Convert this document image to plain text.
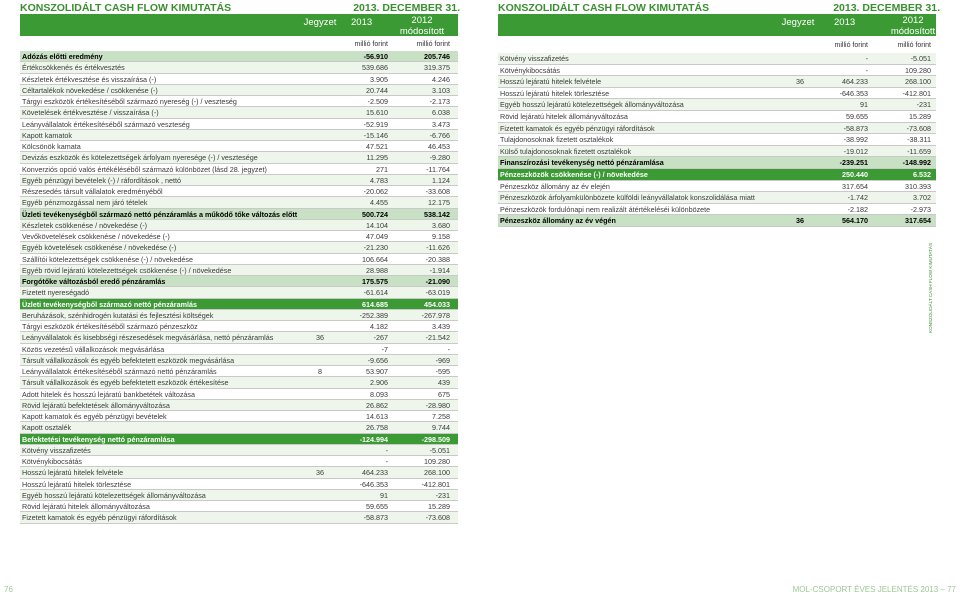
KONSZOLIDÁLT CASH FLOW KIMUTATÁS	2013. DECEMBER 31.
Jegyzet	2013	2012
módosított
millió forint	millió forint
Adózás előtti eredmény	-56.910	205.746
Értékcsökkenés és értékvesztés	539.686	319.375
Készletek értékvesztése és visszaírása (-)	3.905	4.246
Céltartalékok növekedése / csökkenése (-)	20.744	3.103
Tárgyi eszközök értékesítéséből származó nyereség (-) / veszteség	-2.509	-2.173
Követelések értékvesztése / visszaírása (-)	15.610	6.038
Leányvállalatok értékesítéséből származó veszteség	-52.919	3.473
Kapott kamatok	-15.146	-6.766
Kölcsönök kamata	47.521	46.453
Devizás eszközök és kötelezettségek árfolyam nyeresége (-) / vesztesége	11.295	-9.280
Konverziós opció valós értékéléséből származó különbözet (lásd 28. jegyzet)	271	-11.764
Egyéb pénzügyi bevételek (-) / ráfordítások , nettó	4.783	1.124
Részesedés társult vállalatok eredményéből	-20.062	-33.608
Egyéb pénzmozgással nem járó tételek	4.455	12.175
Üzleti tevékenységből származó nettó pénzáramlás a működő tőke változás előtt	500.724	538.142
Készletek csökkenése / növekedése (-)	14.104	3.680
Vevőkövetelések csökkenése / növekedése (-)	47.049	9.158
Egyéb követelések csökkenése / növekedése (-)	-21.230	-11.626
Szállítói kötelezettségek csökkenése (-) / növekedése	106.664	-20.388
Egyéb rövid lejáratú kötelezettségek csökkenése (-) / növekedése	28.988	-1.914
Forgótőke változásból eredő pénzáramlás	175.575	-21.090
Fizetett nyereségadó	-61.614	-63.019
Üzleti tevékenységből származó nettó pénzáramlás	614.685	454.033
Beruházások, szénhidrogén kutatási és fejlesztési költségek	-252.389	-267.978
Tárgyi eszközök értékesítéséből származó pénzeszköz	4.182	3.439
Leányvállalatok és kisebbségi részesedések megvásárlása, nettó pénzáramlás	36	-267	-21.542
Közös vezetésű vállalkozások megvásárlása	-7	-
Társult vállalkozások és egyéb befektetett eszközök megvásárlása	-9.656	-969
Leányvállalatok értékesítéséből származó nettó pénzáramlás	8	53.907	-595
Társult vállalkozások és egyéb befektetett eszközök értékesítése	2.906	439
Adott hitelek és hosszú lejáratú bankbetétek változása	8.093	675
Rövid lejáratú befektetések állományváltozása	26.862	-28.980
Kapott kamatok és egyéb pénzügyi bevételek	14.613	7.258
Kapott osztalék	26.758	9.744
Befektetési tevékenység nettó pénzáramlása	-124.994	-298.509
Kötvény visszafizetés	-	-5.051
Kötvénykibocsátás	-	109.280
Hosszú lejáratú hitelek felvétele	36	464.233	268.100
Hosszú lejáratú hitelek törlesztése	-646.353	-412.801
Egyéb hosszú lejáratú kötelezettségek állományváltozása	91	-231
Rövid lejáratú hitelek állományváltozása	59.655	15.289
Fizetett kamatok és egyéb pénzügyi ráfordítások	-58.873	-73.608
76
KONSZOLIDÁLT CASH FLOW KIMUTATÁS	2013. DECEMBER 31.
Jegyzet	2013	2012
módosított
millió forint	millió forint
Kötvény visszafizetés	-	-5.051
Kötvénykibocsátás	-	109.280
Hosszú lejáratú hitelek felvétele	36	464.233	268.100
Hosszú lejáratú hitelek törlesztése	-646.353	-412.801
Egyéb hosszú lejáratú kötelezettségek állományváltozása	91	-231
Rövid lejáratú hitelek állományváltozása	59.655	15.289
Fizetett kamatok és egyéb pénzügyi ráfordítások	-58.873	-73.608
Tulajdonosoknak fizetett osztalékok	-38.992	-38.311
Külső tulajdonosoknak fizetett osztalékok	-19.012	-11.659
Finanszírozási tevékenység nettó pénzáramlása	-239.251	-148.992
Pénzeszközök csökkenése (-) / növekedése	250.440	6.532
Pénzeszköz állomány az év elején	317.654	310.393
Pénzeszközök árfolyamkülönbözete külföldi leányvállalatok konszolidálása miatt	-1.742	3.702
Pénzeszközök fordulónapi nem realizált átértékeléséi különbözete	-2.182	-2.973
Pénzeszköz állomány az év végén	36	564.170	317.654
MOL-CSOPORT ÉVES JELENTÉS 2013 – 77
KONSZOLIDÁLT CASH FLOW KIMUTATÁS
